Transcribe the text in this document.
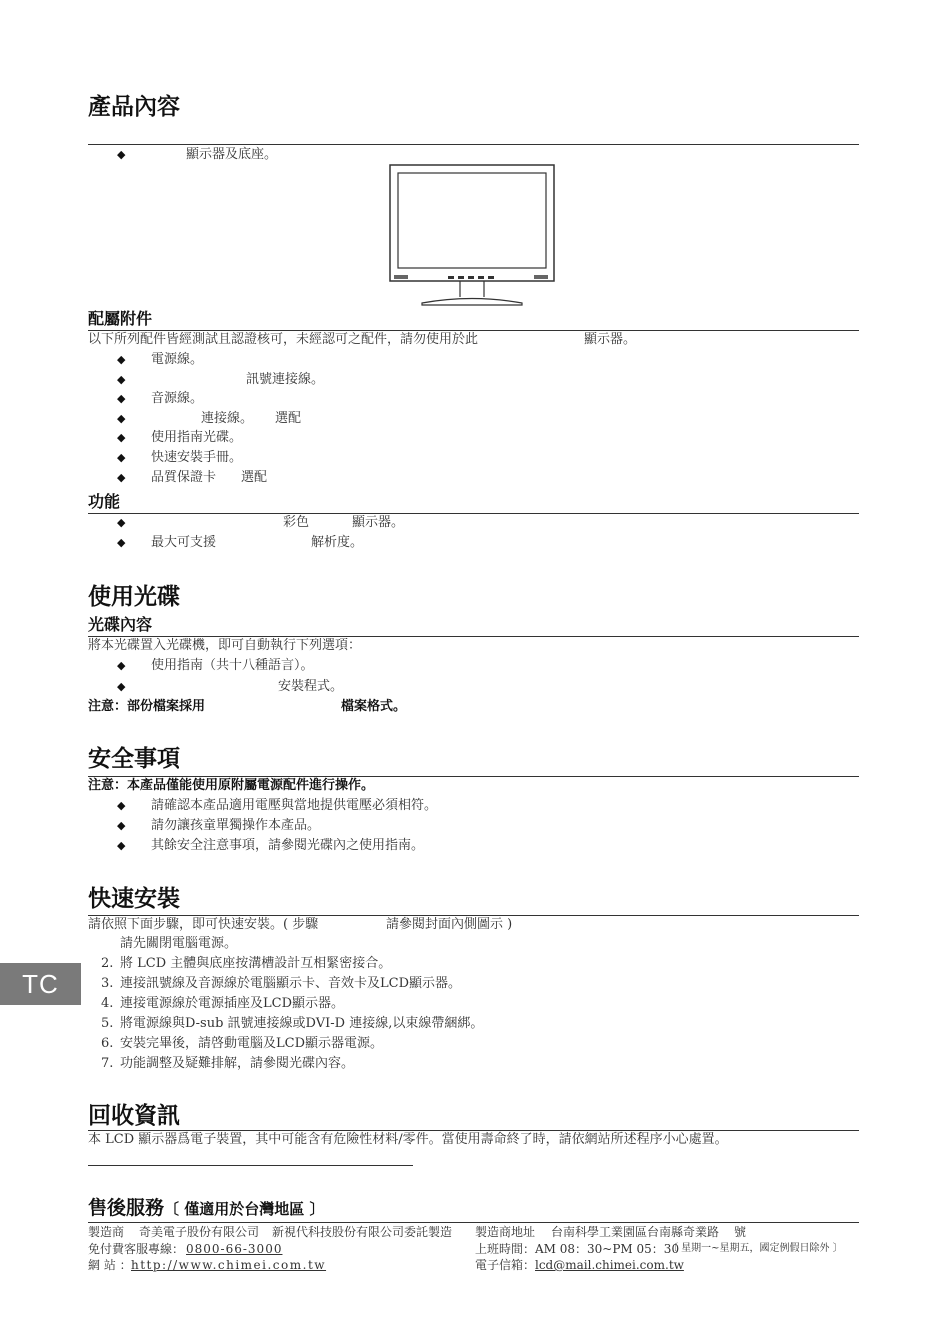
產品內容
◆	顯示器及底座。
配屬附件
以下所列配件皆經測試且認證核可，未經認可之配件，請勿使用於此	顯示器。
◆ 電源線。
◆	訊號連接線。
◆ 音源線。
◆	連接線。 選配
◆ 使用指南光碟。
◆ 快速安裝手冊。
◆ 品質保證卡 選配
功能
◆	彩色	顯示器。
◆ 最大可支援	解析度。
使用光碟
光碟內容
將本光碟置入光碟機，即可自動執行下列選項：
◆ 使用指南（共十八種語言）。
◆	安裝程式。
注意：部份檔案採用	檔案格式。
安全事項
注意：本產品僅能使用原附屬電源配件進行操作。
◆ 請確認本產品適用電壓與當地提供電壓必須相符。
◆ 請勿讓孩童單獨操作本產品。
◆ 其餘安全注意事項，請參閱光碟內之使用指南。
快速安裝
請依照下面步驟，即可快速安裝。( 步驟	請參閱封面內側圖示 )
請先關閉電腦電源。
2. 將 LCD 主體與底座按溝槽設計互相緊密接合。
3. 連接訊號線及音源線於電腦顯示卡、音效卡及LCD顯示器。
4. 連接電源線於電源插座及LCD顯示器。
5. 將電源線與D-sub 訊號連接線或DVI-D 連接線,以束線帶綑綁。
6. 安裝完畢後，請啓動電腦及LCD顯示器電源。
7. 功能調整及疑難排解，請參閱光碟內容。
回收資訊
本 LCD 顯示器爲電子裝置，其中可能含有危險性材料/零件。當使用壽命終了時，請依網站所述程序小心處置。
售後服務〔 僅適用於台灣地區 〕
製造商 奇美電子股份有限公司 新視代科技股份有限公司委託製造
免付費客服專線： 0800-66-3000
網 站 ： http://www.chimei.com.tw
製造商地址 台南科學工業園區台南縣奇業路 號
上班時間：AM 08：30~PM 05：30
〔 星期一~星期五，國定例假日除外 〕
電子信箱： lcd@mail.chimei.com.tw
TC
